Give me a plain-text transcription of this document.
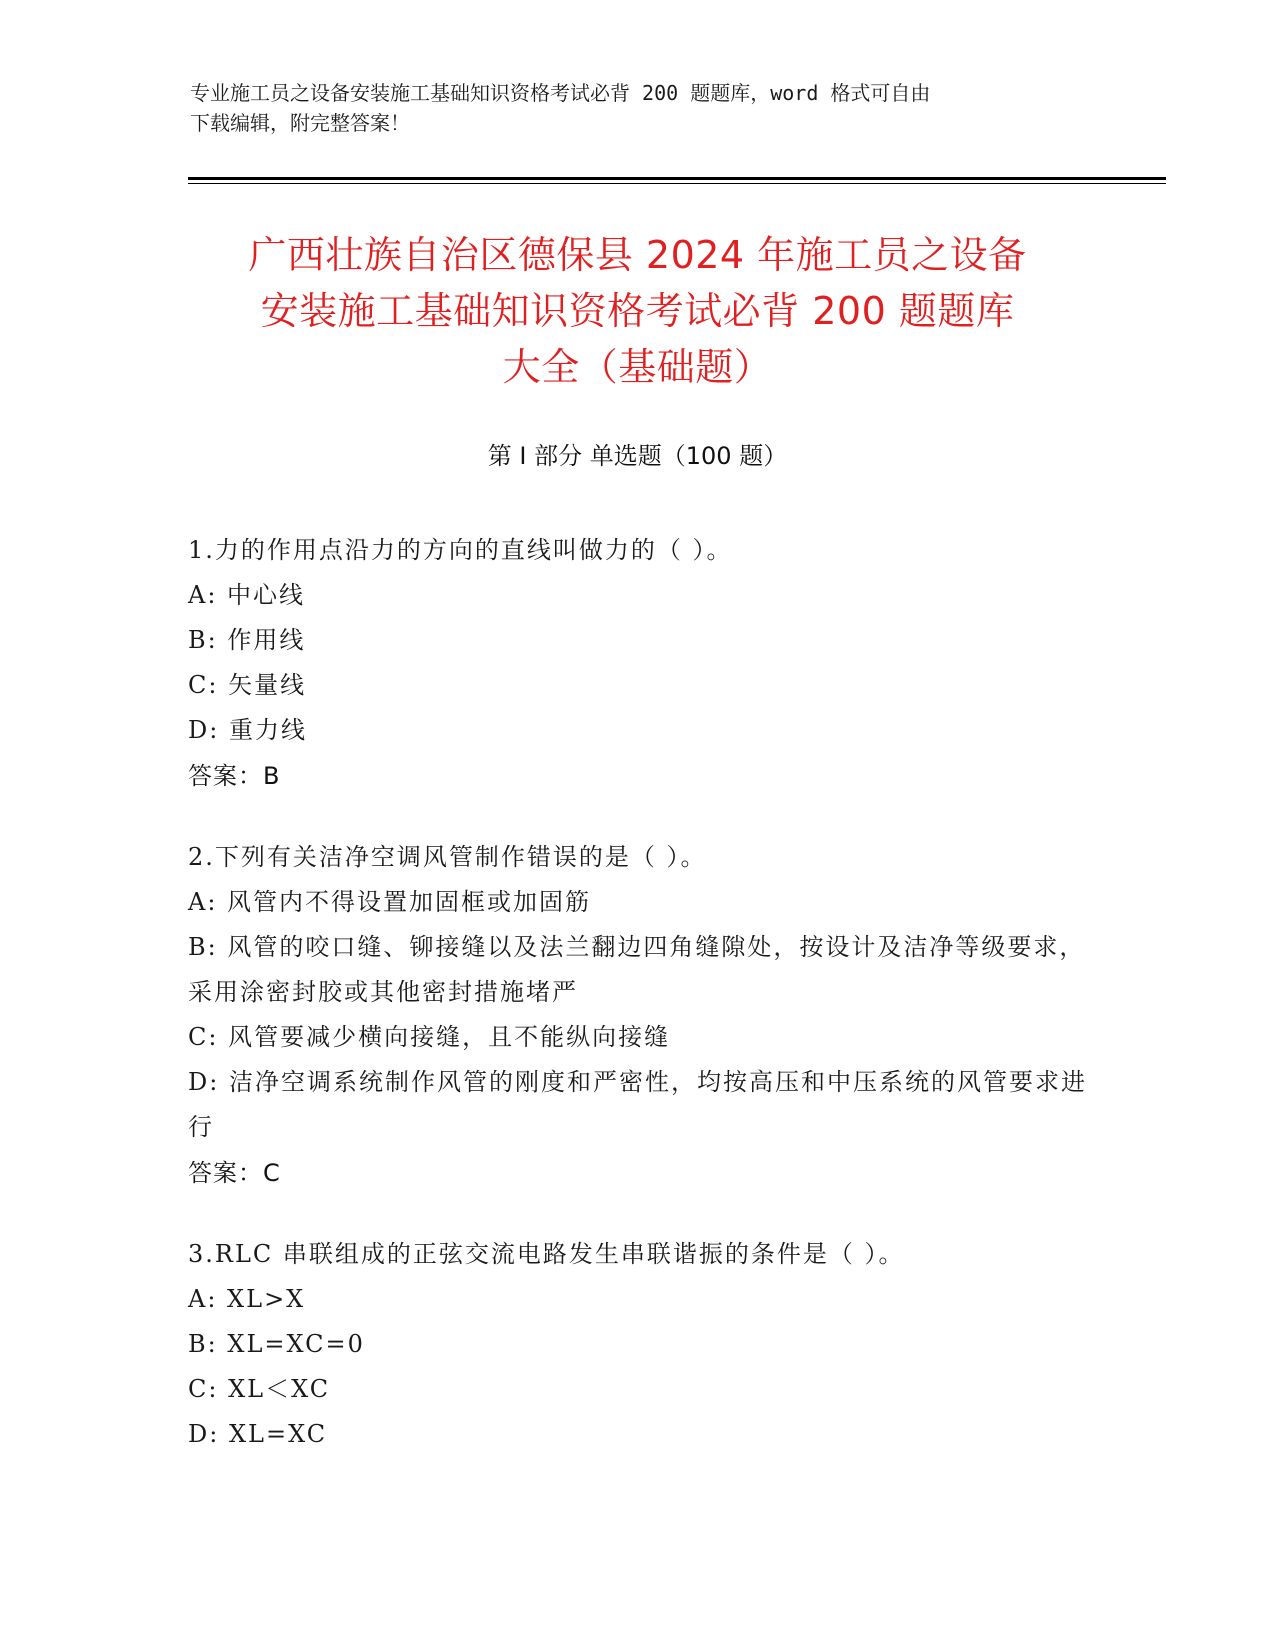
专业施工员之设备安装施工基础知识资格考试必背 200 题题库，word 格式可自由
下载编辑，附完整答案！
广西壮族自治区德保县 2024 年施工员之设备
安装施工基础知识资格考试必背 200 题题库
大全（基础题）
第 I 部分 单选题（100 题）
1.力的作用点沿力的方向的直线叫做力的（ ）。
A: 中心线
B: 作用线
C: 矢量线
D: 重力线
答案：B
2.下列有关洁净空调风管制作错误的是（ ）。
A: 风管内不得设置加固框或加固筋
B: 风管的咬口缝、铆接缝以及法兰翻边四角缝隙处，按设计及洁净等级要求，采用涂密封胶或其他密封措施堵严
C: 风管要减少横向接缝，且不能纵向接缝
D: 洁净空调系统制作风管的刚度和严密性，均按高压和中压系统的风管要求进行
答案：C
3.RLC 串联组成的正弦交流电路发生串联谐振的条件是（ ）。
A: XL>X
B: XL=XC=0
C: XL＜XC
D: XL=XC
